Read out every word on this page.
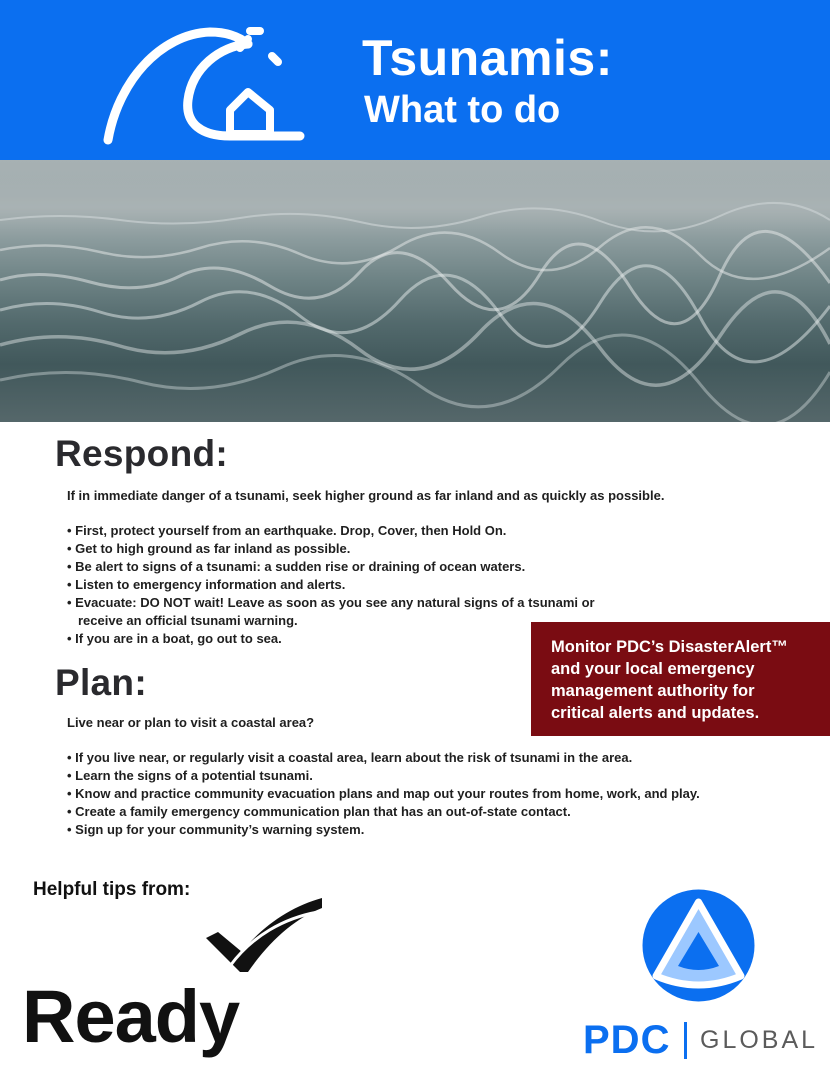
Tsunamis:
What to do
Respond:
If in immediate danger of a tsunami, seek higher ground as far inland and as quickly as possible.
• First, protect yourself from an earthquake. Drop, Cover, then Hold On.
• Get to high ground as far inland as possible.
• Be alert to signs of a tsunami: a sudden rise or draining of ocean waters.
• Listen to emergency information and alerts.
• Evacuate: DO NOT wait! Leave as soon as you see any natural signs of a tsunami or receive an official tsunami warning.
• If you are in a boat, go out to sea.	Monitor PDC’s DisasterAlert™ and your local emergency management authority for critical alerts and updates.
Plan:
Live near or plan to visit a coastal area?
• If you live near, or regularly visit a coastal area, learn about the risk of tsunami in the area.
• Learn the signs of a potential tsunami.
• Know and practice community evacuation plans and map out your routes from home, work, and play.
• Create a family emergency communication plan that has an out-of-state contact.
• Sign up for your community’s warning system.
Helpful tips from:
Ready	PDC GLOBAL
